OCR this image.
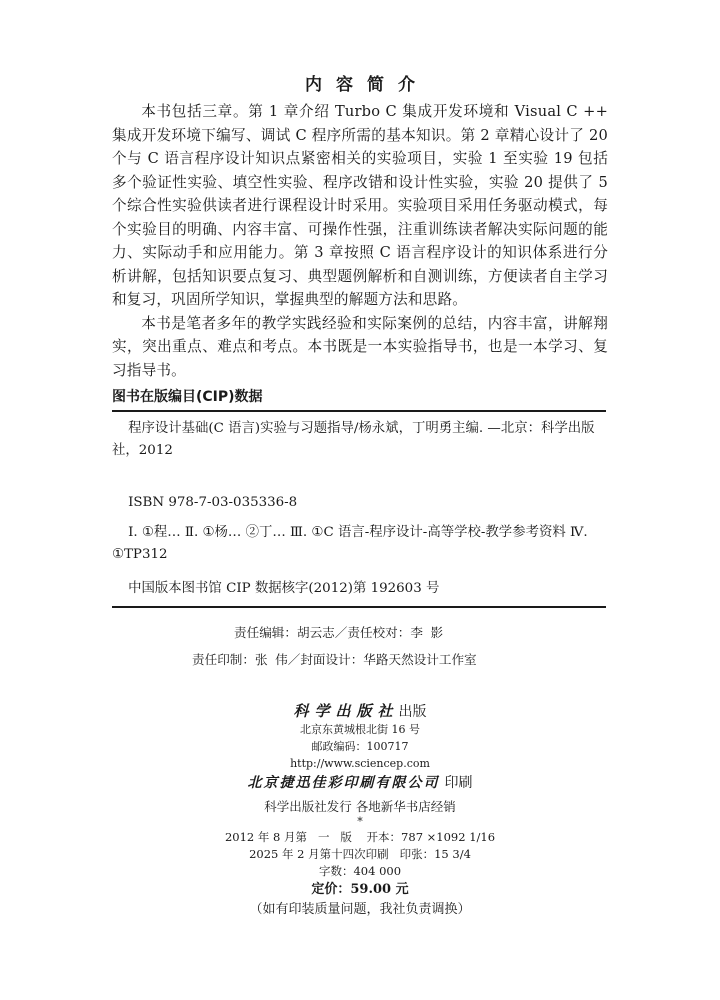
内容简介

本书包括三章。第 1 章介绍 Turbo C 集成开发环境和 Visual C ++ 集成开发环境下编写、调试 C 程序所需的基本知识。第 2 章精心设计了 20 个与 C 语言程序设计知识点紧密相关的实验项目，实验 1 至实验 19 包括多个验证性实验、填空性实验、程序改错和设计性实验，实验 20 提供了 5 个综合性实验供读者进行课程设计时采用。实验项目采用任务驱动模式，每个实验目的明确、内容丰富、可操作性强，注重训练读者解决实际问题的能力、实际动手和应用能力。第 3 章按照 C 语言程序设计的知识体系进行分析讲解，包括知识要点复习、典型题例解析和自测训练，方便读者自主学习和复习，巩固所学知识，掌握典型的解题方法和思路。

本书是笔者多年的教学实践经验和实际案例的总结，内容丰富，讲解翔实，突出重点、难点和考点。本书既是一本实验指导书，也是一本学习、复习指导书。

图书在版编目(CIP)数据

程序设计基础(C 语言)实验与习题指导/杨永斌，丁明勇主编. —北京：科学出版社，2012

ISBN 978-7-03-035336-8

Ⅰ. ①程… Ⅱ. ①杨… ②丁… Ⅲ. ①C 语言-程序设计-高等学校-教学参考资料 Ⅳ. ①TP312

中国版本图书馆 CIP 数据核字(2012)第 192603 号

责任编辑：胡云志／责任校对：李 影
责任印制：张 伟／封面设计：华路天然设计工作室
科学出版社出版
北京东黄城根北街 16 号
邮政编码：100717
http://www.sciencep.com
北京捷迅佳彩印刷有限公司 印刷
科学出版社发行 各地新华书店经销
*
2012 年 8 月第   一   版    开本：787 ×1092 1/16
2025 年 2 月第十四次印刷   印张：15 3/4
字数：404 000
定价：59.00 元
（如有印装质量问题，我社负责调换）
